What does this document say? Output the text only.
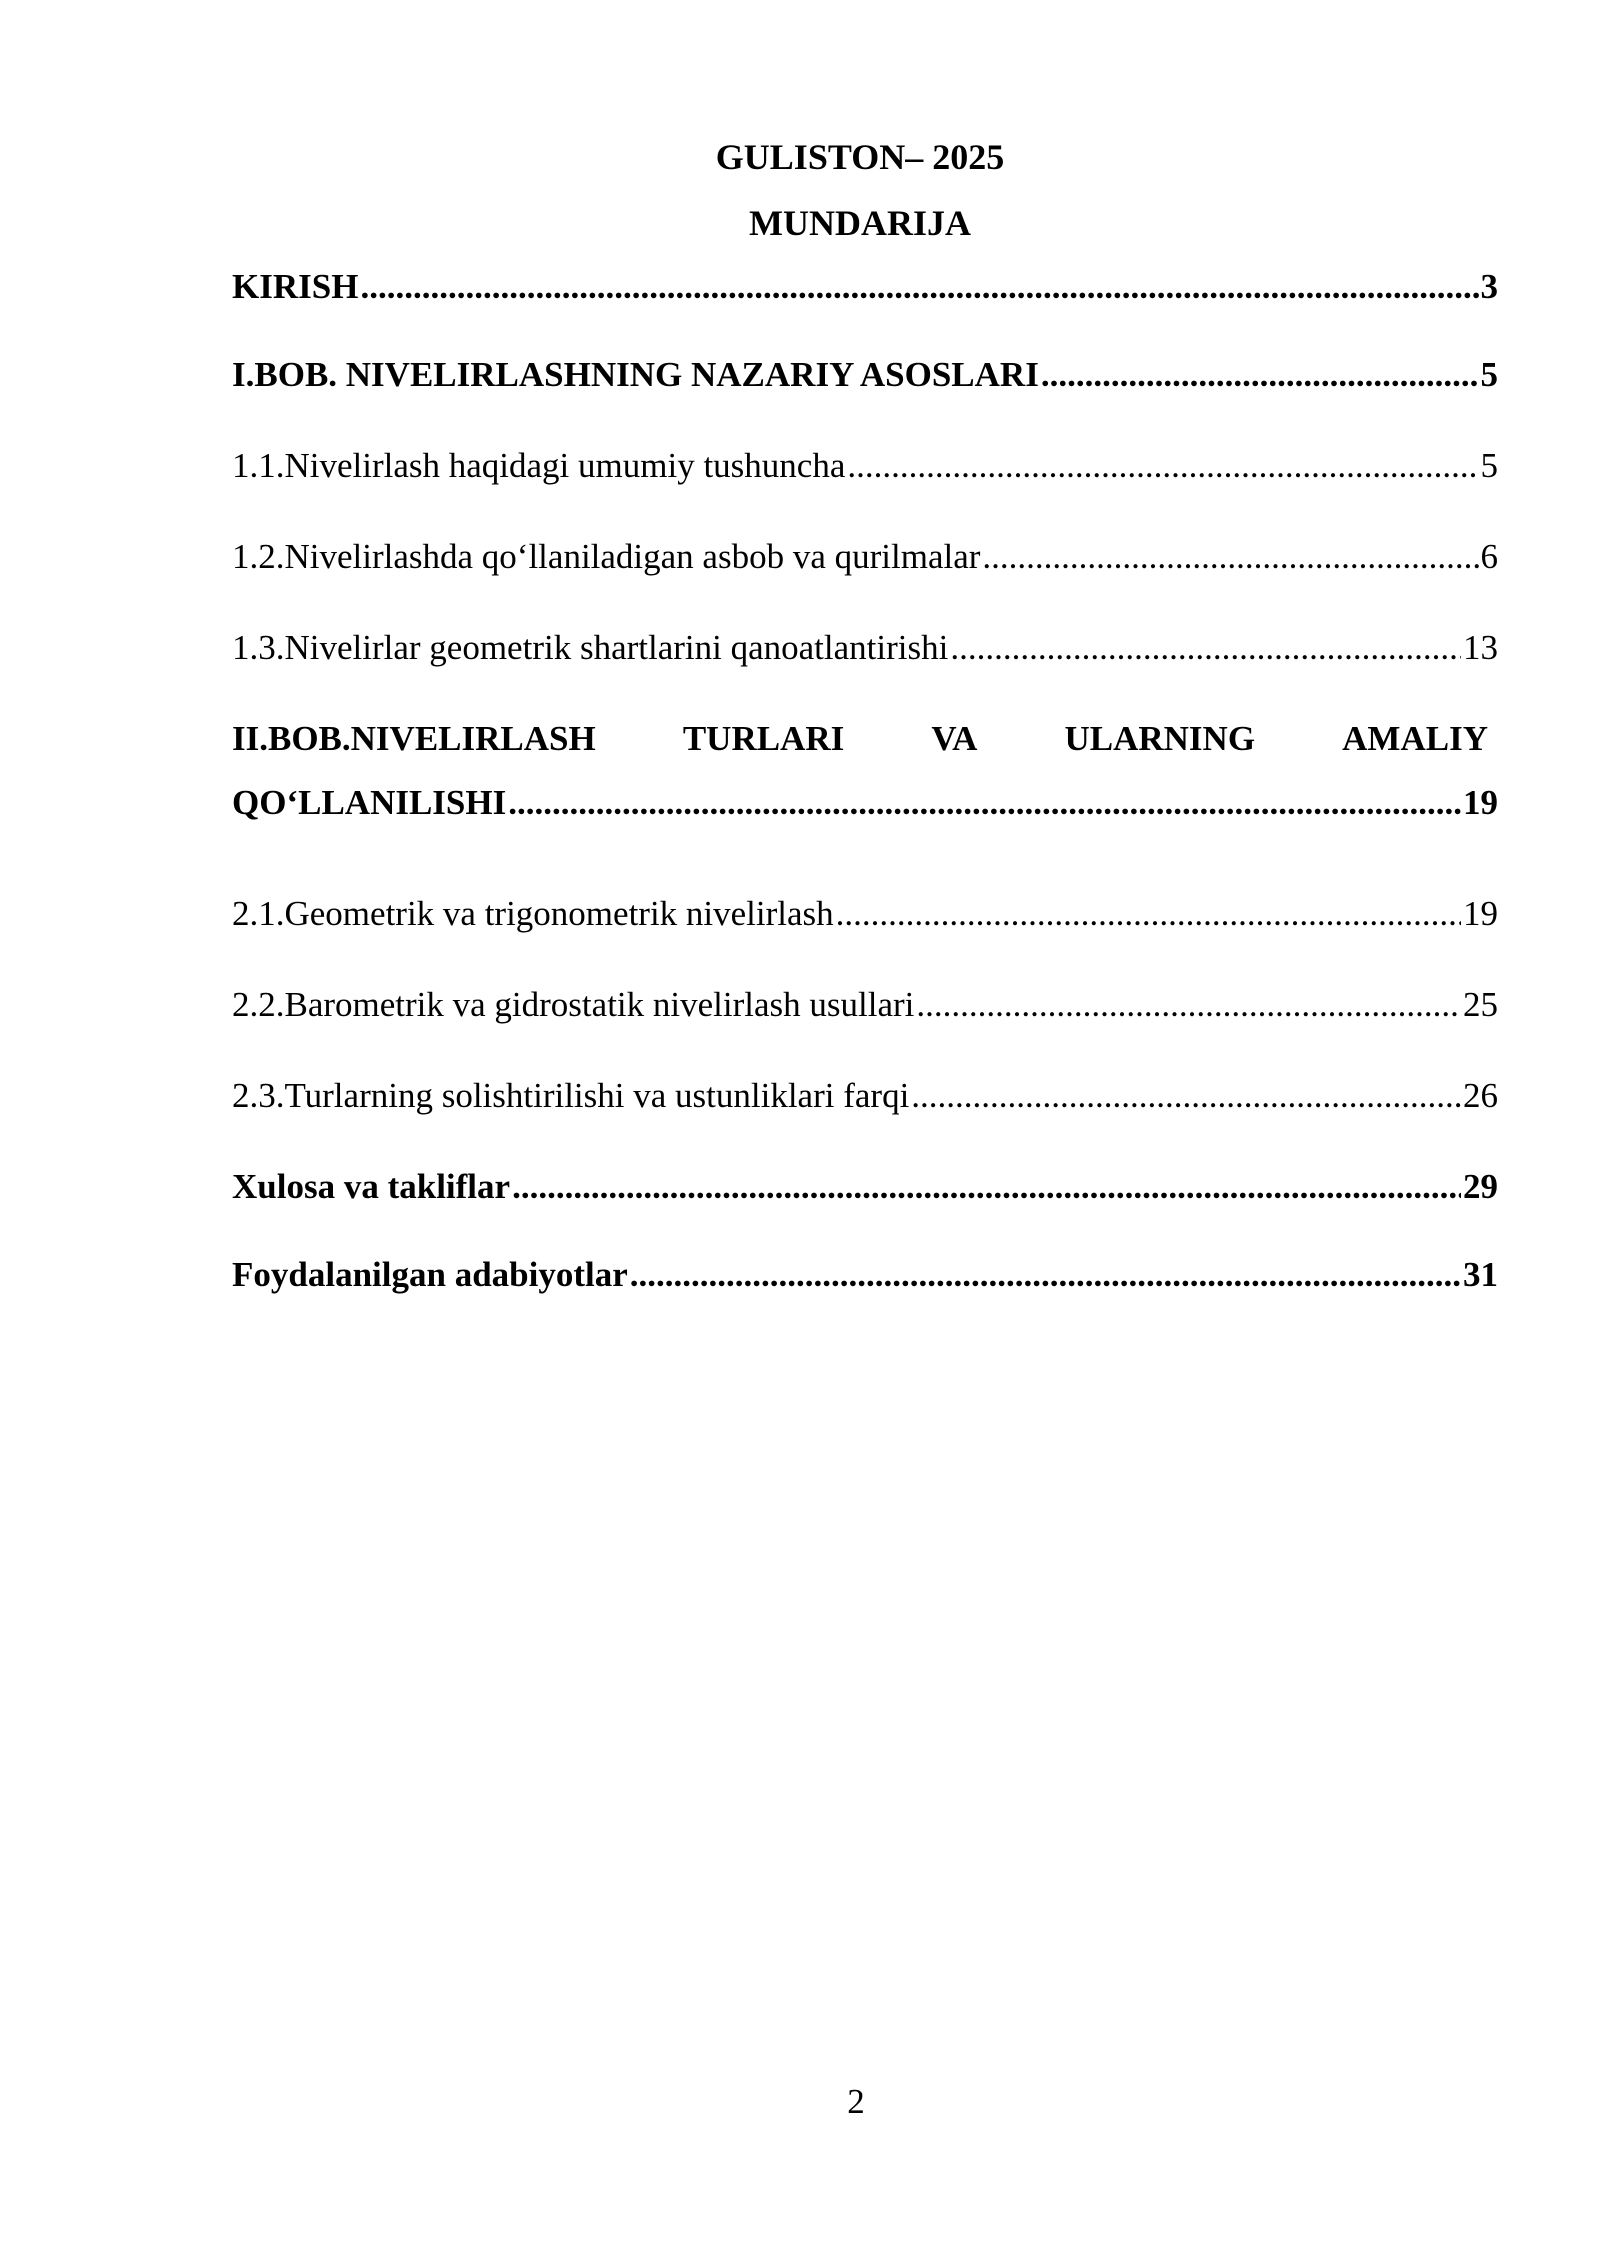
GULISTON– 2025
MUNDARIJA
KIRISH .....	3
I.BOB. NIVELIRLASHNING NAZARIY ASOSLARI .....	5
1.1.Nivelirlash haqidagi umumiy tushuncha .....	5
1.2.Nivelirlashda qo‘llaniladigan asbob va qurilmalar .....	6
1.3.Nivelirlar geometrik shartlarini qanoatlantirishi .....	13
II.BOB.NIVELIRLASH TURLARI VA ULARNING AMALIY
QO‘LLANILISHI .....	19
2.1.Geometrik va trigonometrik nivelirlash .....	19
2.2.Barometrik va gidrostatik nivelirlash usullari .....	25
2.3.Turlarning solishtirilishi va ustunliklari farqi .....	26
Xulosa va takliflar .....	29
Foydalanilgan adabiyotlar .....	31
2
